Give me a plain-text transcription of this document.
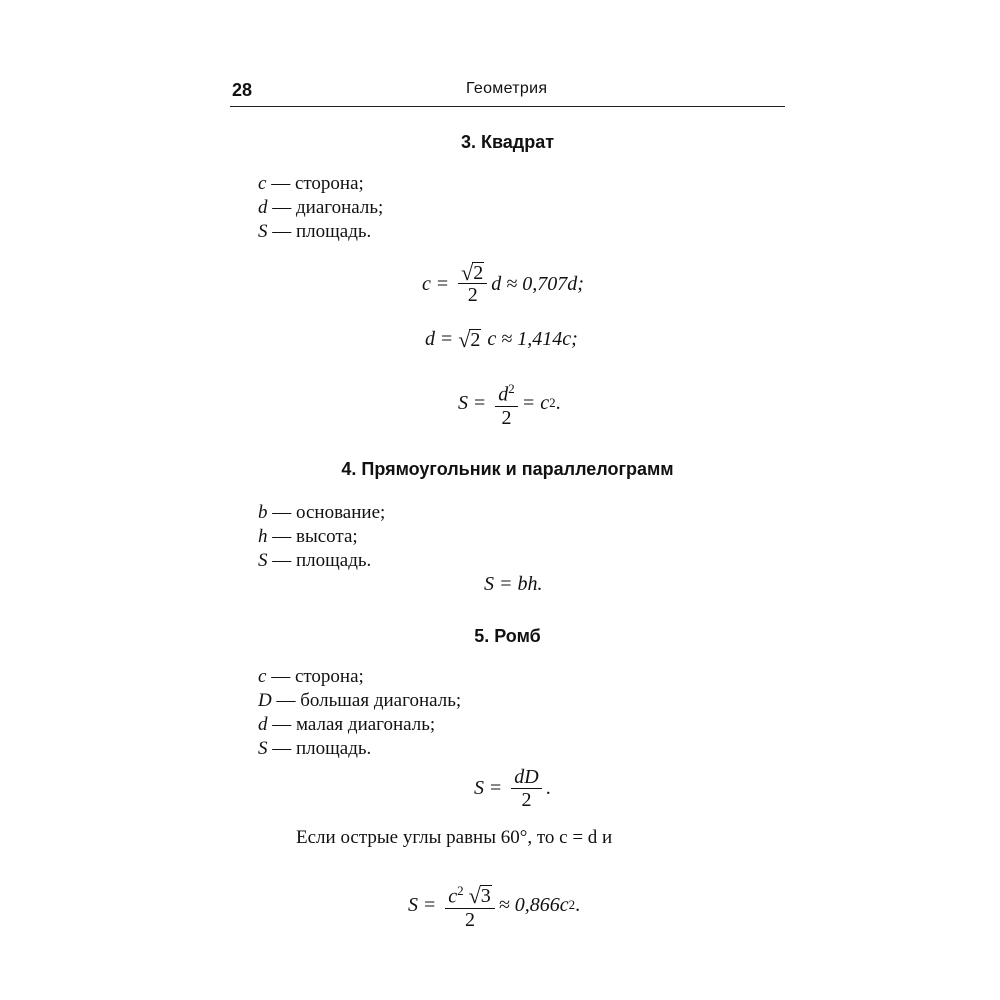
28	Геометрия
3. Квадрат
c — сторона;
d — диагональ;
S — площадь.
$c = \frac{√ 2}{2}$ d ≈ 0,707d;
d = √ 2 c ≈ 1,414c;
$S = \frac{d^2}{2} = c$ 2 .
4. Прямоугольник и параллелограмм
b — основание;
h — высота;
S — площадь.
S = bh.
5. Ромб
c — сторона;
D — большая диагональ;
d — малая диагональ;
S — площадь.
$S = \frac{dD}{2}$ .
Если острые углы равны 60°, то c = d и
$S = \frac{c^2 √ 3}{2} \approx 0,866c$ 2 .
